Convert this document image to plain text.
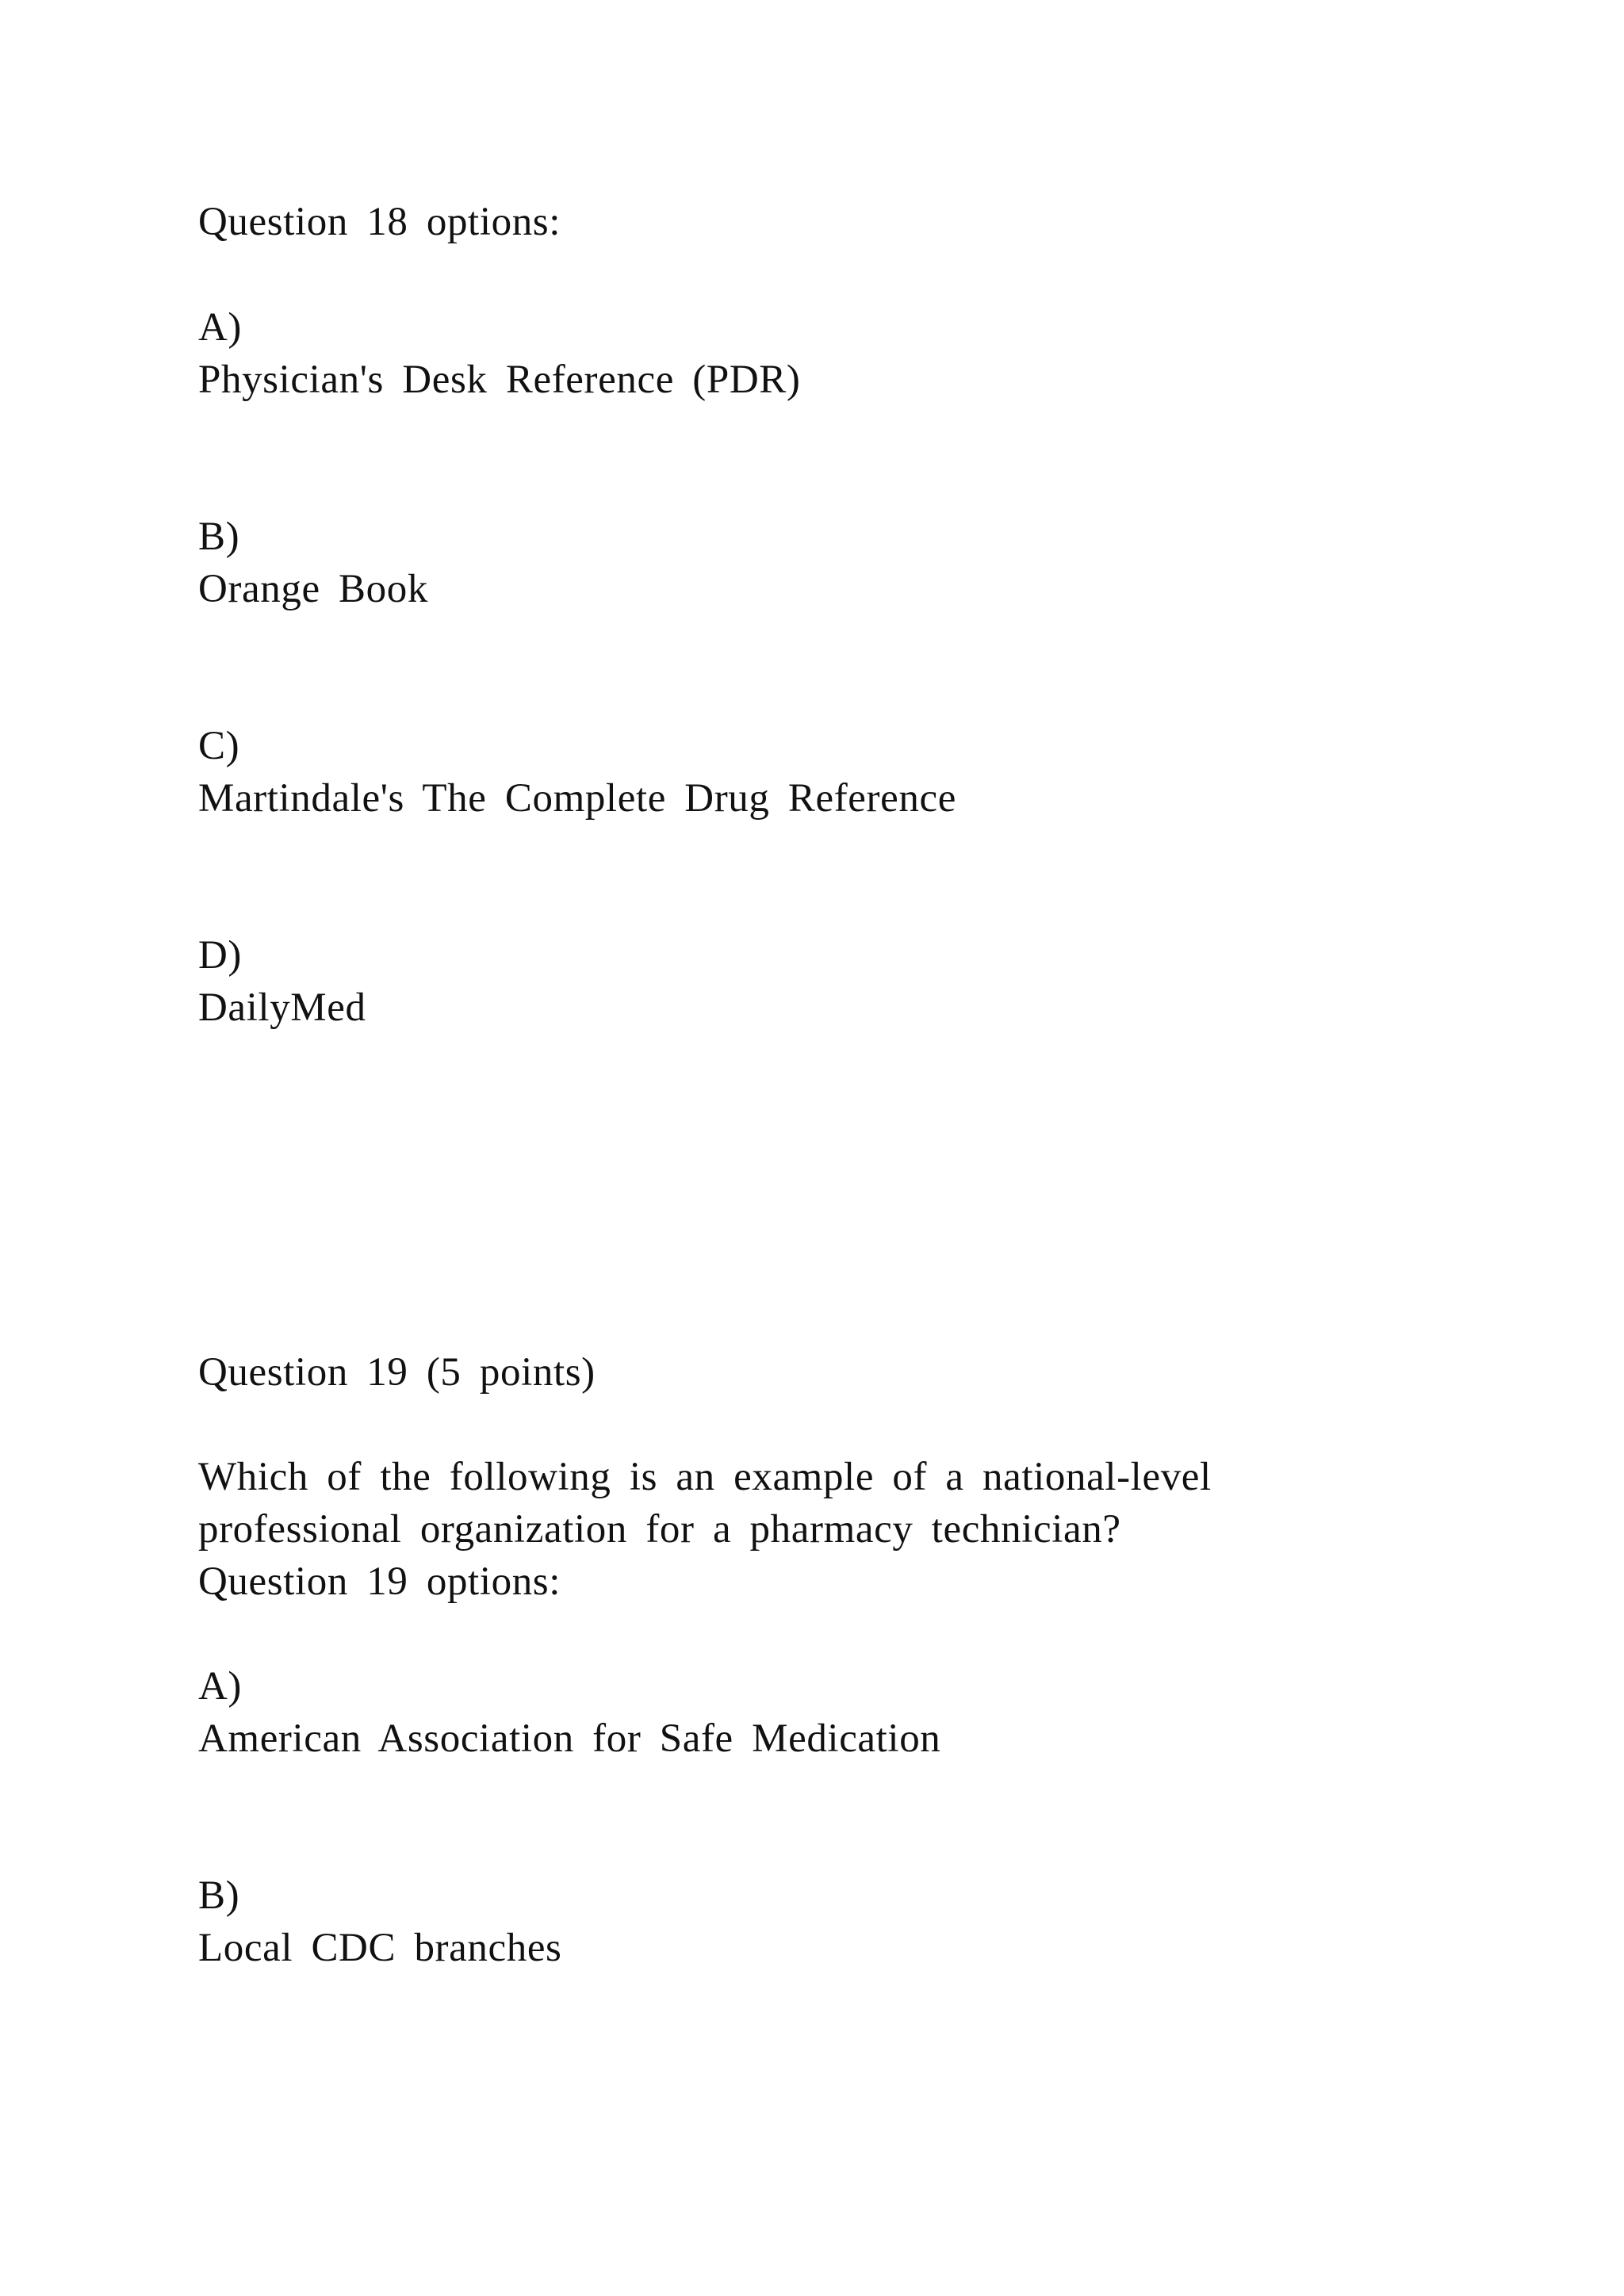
Question 18 options:
A)
Physician's Desk Reference (PDR)
B)
Orange Book
C)
Martindale's The Complete Drug Reference
D)
DailyMed
Question 19 (5 points)
Which of the following is an example of a national-level
professional organization for a pharmacy technician?
Question 19 options:
A)
American Association for Safe Medication
B)
Local CDC branches
